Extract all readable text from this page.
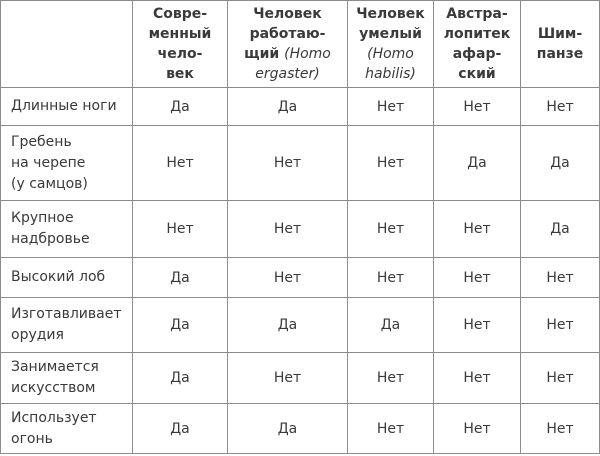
	Совре-
менный
чело-
век	Человек
работаю-
щий (Homo
ergaster)	Человек
умелый
(Homo
habilis)	Австра-
лопитек
афар-
ский	Шим-
панзе

Длинные ноги	Да	Да	Нет	Нет	Нет

Гребень
на черепе
(у самцов)	Нет	Нет	Нет	Да	Да

Крупное
надбровье	Нет	Нет	Нет	Нет	Да

Высокий лоб	Да	Нет	Нет	Нет	Нет

Изготавливает
орудия	Да	Да	Да	Нет	Нет

Занимается
искусством	Да	Нет	Нет	Нет	Нет

Использует
огонь	Да	Да	Нет	Нет	Нет
